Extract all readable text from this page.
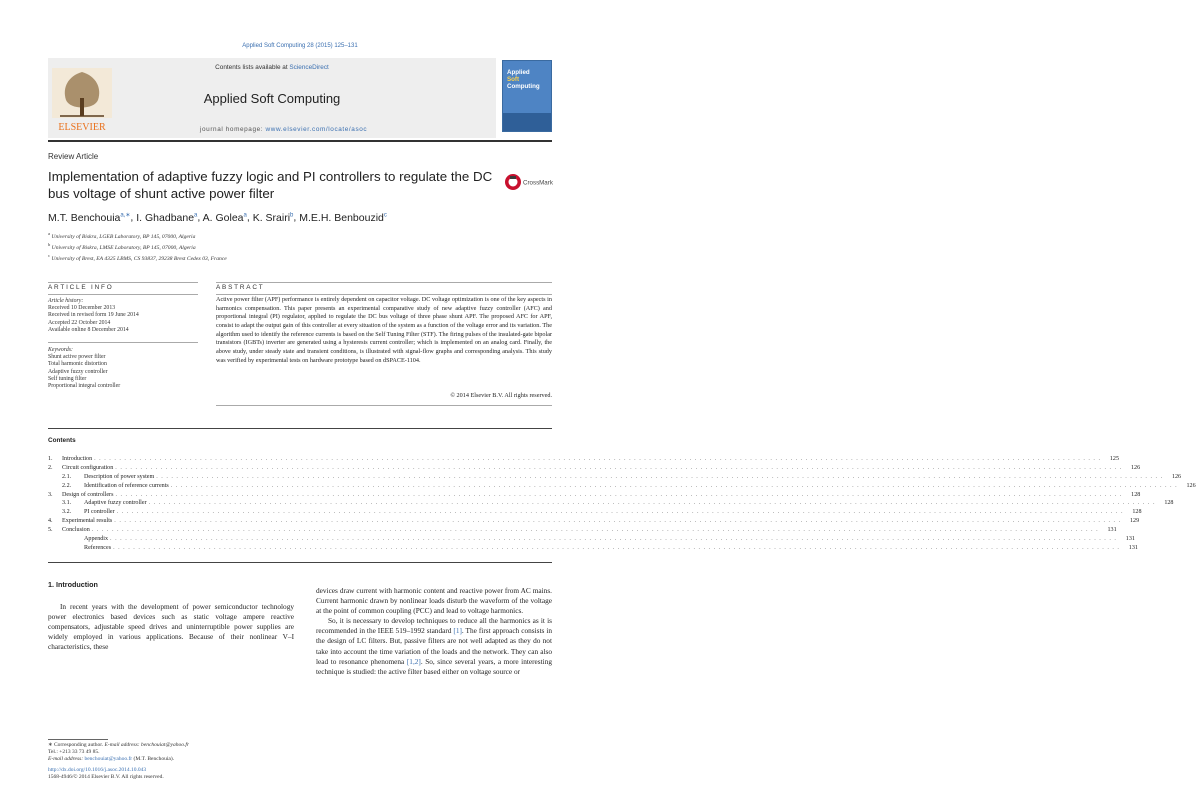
Applied Soft Computing 28 (2015) 125–131
Contents lists available at ScienceDirect
Applied Soft Computing
journal homepage: www.elsevier.com/locate/asoc
ELSEVIER
Applied
Soft
Computing
Review Article
Implementation of adaptive fuzzy logic and PI controllers to regulate the DC bus voltage of shunt active power filter
CrossMark
M.T. Benchouia$^{a,∗}$, I. Ghadbane$^a$, A. Golea$^a$, K. Srairi$^b$, M.E.H. Benbouzid$^c$
$^a$ University of Biskra, LGEB Laboratory, BP 145, 07000, Algeria
$^b$ University of Biskra, LMSE Laboratory, BP 145, 07000, Algeria
$^c$ University of Brest, EA 4325 LBMS, CS 93837, 29238 Brest Cedex 03, France
ARTICLE INFO	ABSTRACT
Article history:
Received 10 December 2013
Received in revised form 19 June 2014
Accepted 22 October 2014
Available online 8 December 2014
Keywords:
Shunt active power filter
Total harmonic distortion
Adaptive fuzzy controller
Self tuning filter
Proportional integral controller
Active power filter (APF) performance is entirely dependent on capacitor voltage. DC voltage optimization is one of the key aspects in harmonics compensation. This paper presents an experimental comparative study of new adaptive fuzzy controller (AFC) and proportional integral (PI) regulator, applied to regulate the DC bus voltage of three phase shunt APF. The proposed AFC for APF, consist to adapt the output gain of this controller at every situation of the system as a function of the voltage error and its variation. The algorithm used to identify the reference currents is based on the Self Tuning Filter (STF). The firing pulses of the insulated-gate bipolar transistors (IGBTs) inverter are generated using a hysteresis current controller; which is implemented on an analog card. Finally, the above study, under steady state and transient conditions, is illustrated with signal-flow graphs and corresponding analysis. This study was verified by experimental tests on hardware prototype based on dSPACE-1104.
© 2014 Elsevier B.V. All rights reserved.
Contents
1.	Introduction . . . . . . . . . . . . . . . . . . . . . . . . . . . . . . . . . . . . . . . . . . . . . . . . . . . . . . . . . . . . . . . . . . . . . . . . . . . . . . . . . . . . . . . . . . . . . . . . . . . . . . . . . . . . . . . . . . . . . . . . . . . . . . . . . . . . . . . . . . . . . . . . . . . . . . . . . . . . . . . . . . . . . . . . . . . . . . . . . . . . . . . . . . . . . . . . . . . . . . . .	125
2.	Circuit configuration . . . . . . . . . . . . . . . . . . . . . . . . . . . . . . . . . . . . . . . . . . . . . . . . . . . . . . . . . . . . . . . . . . . . . . . . . . . . . . . . . . . . . . . . . . . . . . . . . . . . . . . . . . . . . . . . . . . . . . . . . . . . . . . . . . . . . . . . . . . . . . . . . . . . . . . . . . . . . . . . . . . . . . . . . . . . . . . . . . . . . . . . . . . . . . . . . . . . . . . .	126
2.1.	Description of power system . . . . . . . . . . . . . . . . . . . . . . . . . . . . . . . . . . . . . . . . . . . . . . . . . . . . . . . . . . . . . . . . . . . . . . . . . . . . . . . . . . . . . . . . . . . . . . . . . . . . . . . . . . . . . . . . . . . . . . . . . . . . . . . . . . . . . . . . . . . . . . . . . . . . . . . . . . . . . . . . . . . . . . . . . . . . . . . . . . . . . . . . . . . . . . . . . . . . . . . .	126
2.2.	Identification of reference currents . . . . . . . . . . . . . . . . . . . . . . . . . . . . . . . . . . . . . . . . . . . . . . . . . . . . . . . . . . . . . . . . . . . . . . . . . . . . . . . . . . . . . . . . . . . . . . . . . . . . . . . . . . . . . . . . . . . . . . . . . . . . . . . . . . . . . . . . . . . . . . . . . . . . . . . . . . . . . . . . . . . . . . . . . . . . . . . . . . . . . . . . . . . . . . . . . . . . . . . .	126
3.	Design of controllers . . . . . . . . . . . . . . . . . . . . . . . . . . . . . . . . . . . . . . . . . . . . . . . . . . . . . . . . . . . . . . . . . . . . . . . . . . . . . . . . . . . . . . . . . . . . . . . . . . . . . . . . . . . . . . . . . . . . . . . . . . . . . . . . . . . . . . . . . . . . . . . . . . . . . . . . . . . . . . . . . . . . . . . . . . . . . . . . . . . . . . . . . . . . . . . . . . . . . . . .	128
3.1.	Adaptive fuzzy controller . . . . . . . . . . . . . . . . . . . . . . . . . . . . . . . . . . . . . . . . . . . . . . . . . . . . . . . . . . . . . . . . . . . . . . . . . . . . . . . . . . . . . . . . . . . . . . . . . . . . . . . . . . . . . . . . . . . . . . . . . . . . . . . . . . . . . . . . . . . . . . . . . . . . . . . . . . . . . . . . . . . . . . . . . . . . . . . . . . . . . . . . . . . . . . . . . . . . . . . .	128
3.2.	PI controller . . . . . . . . . . . . . . . . . . . . . . . . . . . . . . . . . . . . . . . . . . . . . . . . . . . . . . . . . . . . . . . . . . . . . . . . . . . . . . . . . . . . . . . . . . . . . . . . . . . . . . . . . . . . . . . . . . . . . . . . . . . . . . . . . . . . . . . . . . . . . . . . . . . . . . . . . . . . . . . . . . . . . . . . . . . . . . . . . . . . . . . . . . . . . . . . . . . . . . . .	128
4.	Experimental results . . . . . . . . . . . . . . . . . . . . . . . . . . . . . . . . . . . . . . . . . . . . . . . . . . . . . . . . . . . . . . . . . . . . . . . . . . . . . . . . . . . . . . . . . . . . . . . . . . . . . . . . . . . . . . . . . . . . . . . . . . . . . . . . . . . . . . . . . . . . . . . . . . . . . . . . . . . . . . . . . . . . . . . . . . . . . . . . . . . . . . . . . . . . . . . . . . . . . . . .	129
5.	Conclusion . . . . . . . . . . . . . . . . . . . . . . . . . . . . . . . . . . . . . . . . . . . . . . . . . . . . . . . . . . . . . . . . . . . . . . . . . . . . . . . . . . . . . . . . . . . . . . . . . . . . . . . . . . . . . . . . . . . . . . . . . . . . . . . . . . . . . . . . . . . . . . . . . . . . . . . . . . . . . . . . . . . . . . . . . . . . . . . . . . . . . . . . . . . . . . . . . . . . . . . .	131
Appendix . . . . . . . . . . . . . . . . . . . . . . . . . . . . . . . . . . . . . . . . . . . . . . . . . . . . . . . . . . . . . . . . . . . . . . . . . . . . . . . . . . . . . . . . . . . . . . . . . . . . . . . . . . . . . . . . . . . . . . . . . . . . . . . . . . . . . . . . . . . . . . . . . . . . . . . . . . . . . . . . . . . . . . . . . . . . . . . . . . . . . . . . . . . . . . . . . . . . . . . .	131
References . . . . . . . . . . . . . . . . . . . . . . . . . . . . . . . . . . . . . . . . . . . . . . . . . . . . . . . . . . . . . . . . . . . . . . . . . . . . . . . . . . . . . . . . . . . . . . . . . . . . . . . . . . . . . . . . . . . . . . . . . . . . . . . . . . . . . . . . . . . . . . . . . . . . . . . . . . . . . . . . . . . . . . . . . . . . . . . . . . . . . . . . . . . . . . . . . . . . . . . .	131
1. Introduction
In recent years with the development of power semiconductor technology power electronics based devices such as static voltage ampere reactive compensators, adjustable speed drives and uninterruptible power supplies are widely employed in various applications. Because of their nonlinear V–I characteristics, these
devices draw current with harmonic content and reactive power from AC mains. Current harmonic drawn by nonlinear loads disturb the waveform of the voltage at the point of common coupling (PCC) and lead to voltage harmonics.
So, it is necessary to develop techniques to reduce all the harmonics as it is recommended in the IEEE 519–1992 standard [1]. The first approach consists in the design of LC filters. But, passive filters are not well adapted as they do not take into account the time variation of the loads and the network. They can also lead to resonance phenomena [1,2]. So, since several years, a more interesting technique is studied: the active filter based either on voltage source or
∗ Corresponding author. E-mail address: benchouiat@yahoo.fr
Tel.: +213 33 73 49 85.
E-mail address: benchouiat@yahoo.fr (M.T. Benchouia).
http://dx.doi.org/10.1016/j.asoc.2014.10.043
1568-4946/© 2014 Elsevier B.V. All rights reserved.
